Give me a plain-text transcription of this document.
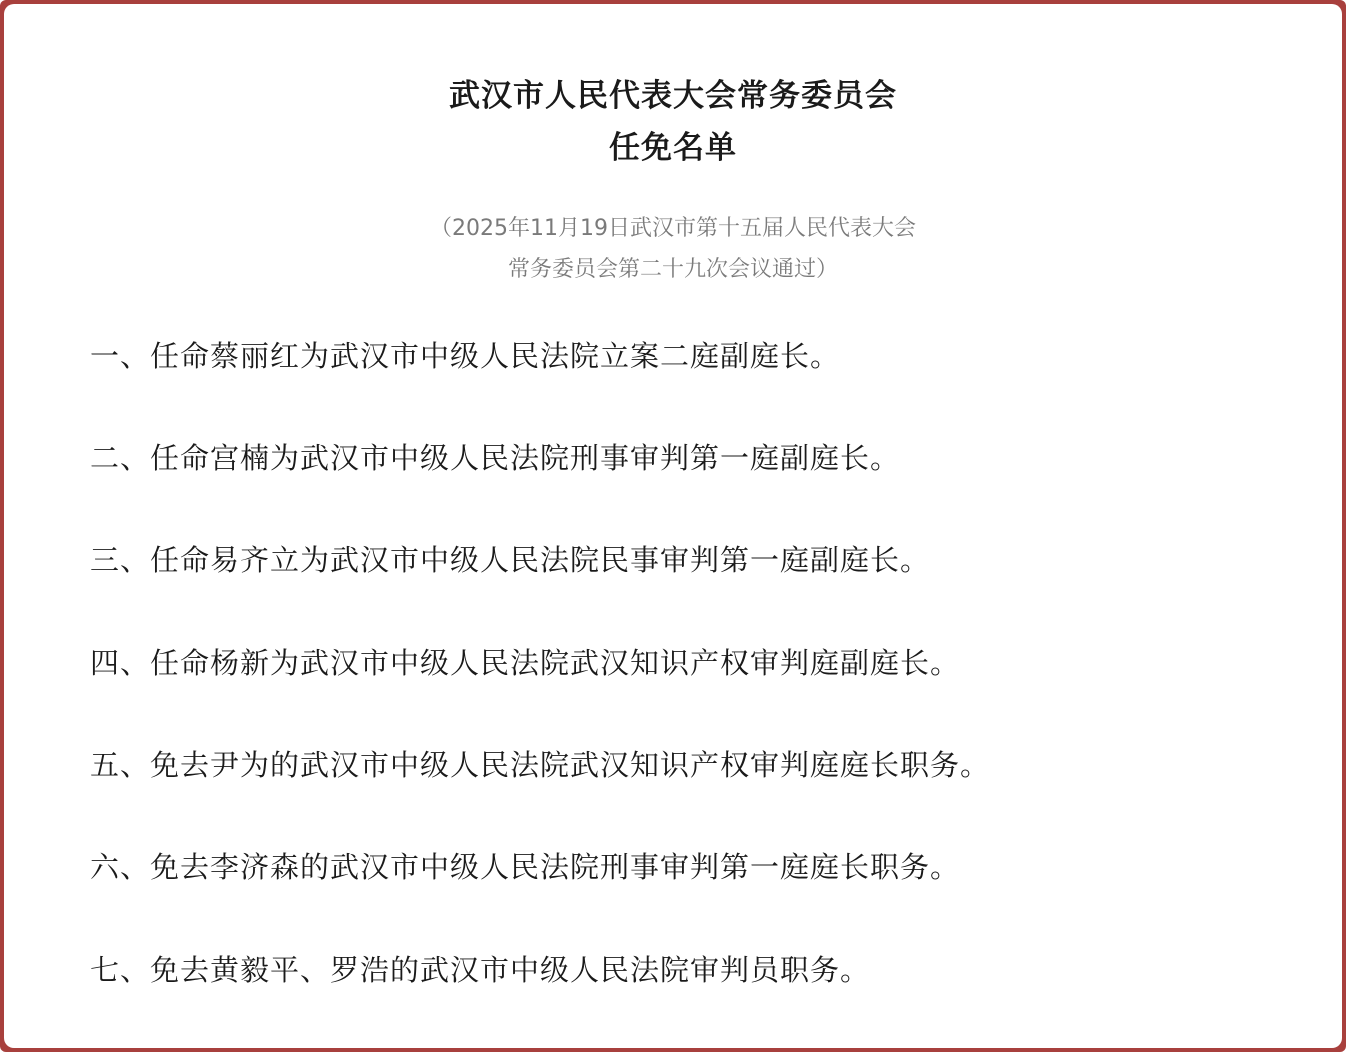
武汉市人民代表大会常务委员会
任免名单
（2025年11月19日武汉市第十五届人民代表大会
常务委员会第二十九次会议通过）
一、任命蔡丽红为武汉市中级人民法院立案二庭副庭长。
二、任命宫楠为武汉市中级人民法院刑事审判第一庭副庭长。
三、任命易齐立为武汉市中级人民法院民事审判第一庭副庭长。
四、任命杨新为武汉市中级人民法院武汉知识产权审判庭副庭长。
五、免去尹为的武汉市中级人民法院武汉知识产权审判庭庭长职务。
六、免去李济森的武汉市中级人民法院刑事审判第一庭庭长职务。
七、免去黄毅平、罗浩的武汉市中级人民法院审判员职务。
